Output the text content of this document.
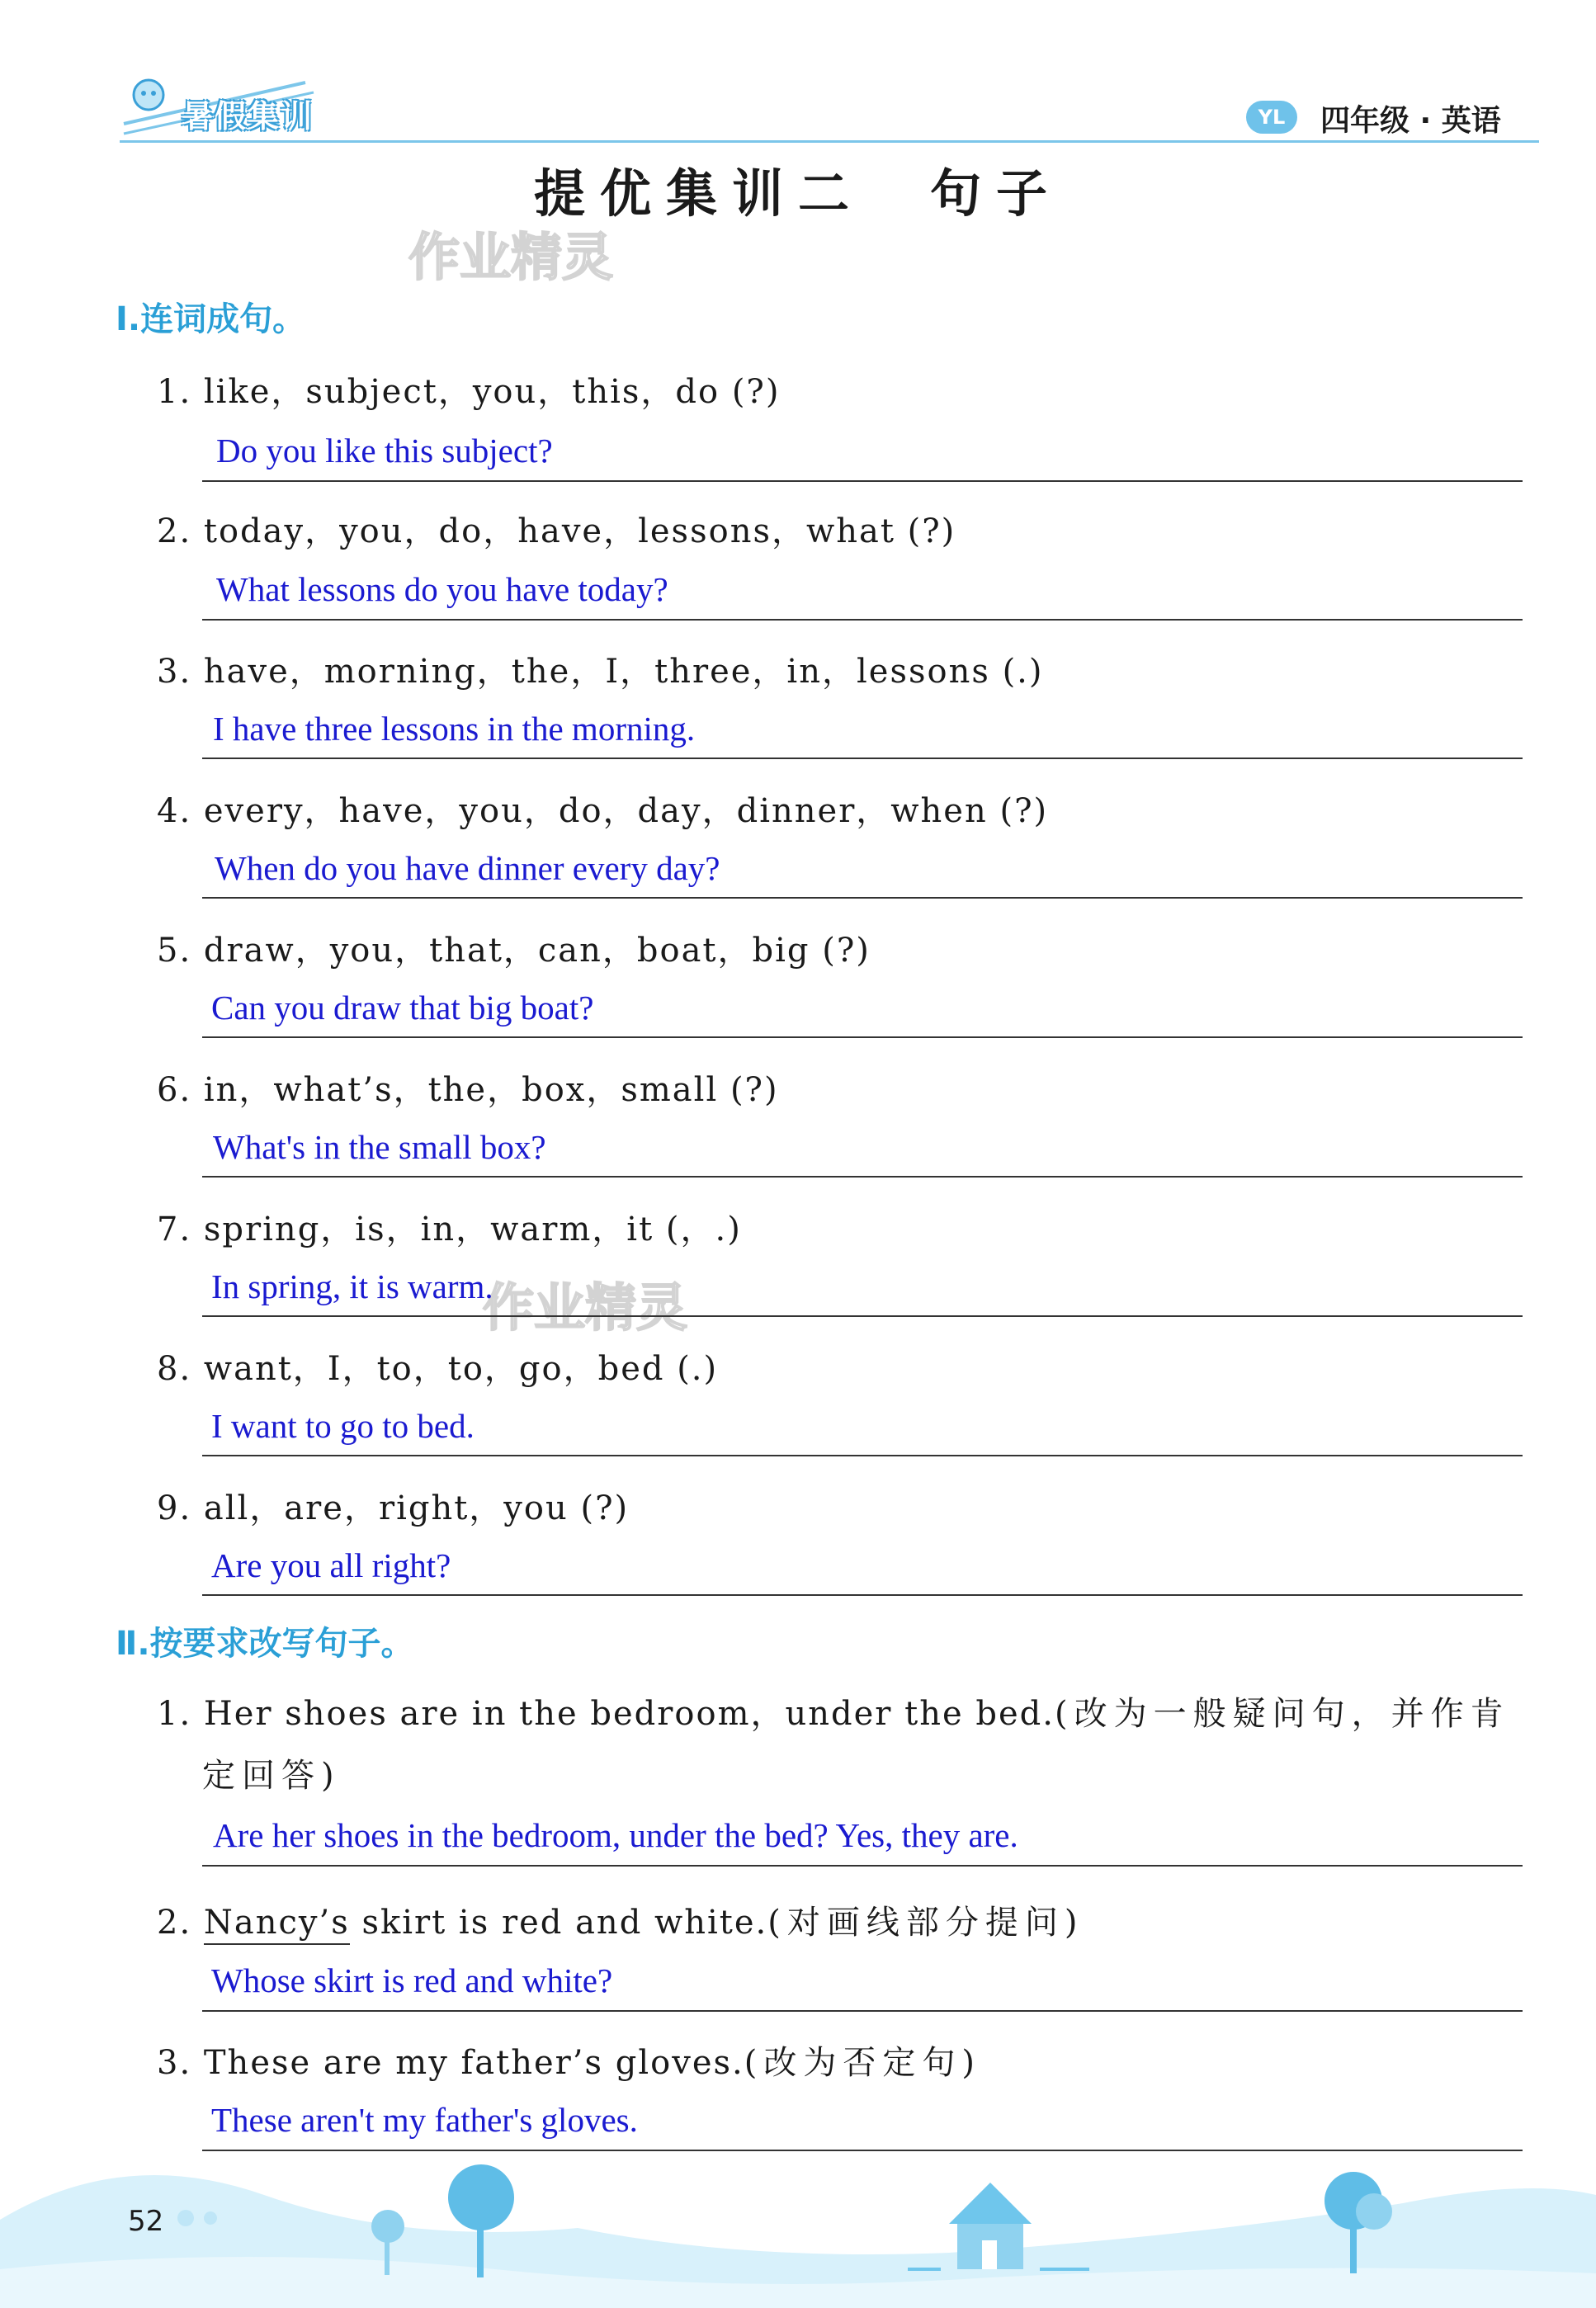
暑假集训	YL	四年级 · 英语
提优集训二　句子
作业精灵
作业精灵
Ⅰ.连词成句。
1. like，subject，you，this，do (?)
Do you like this subject?
2. today，you，do，have，lessons，what (?)
What lessons do you have today?
3. have，morning，the，I，three，in，lessons (.)
I have three lessons in the morning.
4. every，have，you，do，day，dinner，when (?)
When do you have dinner every day?
5. draw，you，that，can，boat，big (?)
Can you draw that big boat?
6. in，what’s，the，box，small (?)
What's in the small box?
7. spring，is，in，warm，it (，.)
In spring, it is warm.
8. want，I，to，to，go，bed (.)
I want to go to bed.
9. all，are，right，you (?)
Are you all right?
Ⅱ.按要求改写句子。
1. Her shoes are in the bedroom，under the bed.(改为一般疑问句，并作肯
定回答)
Are her shoes in the bedroom, under the bed? Yes, they are.
2. Nancy’s skirt is red and white.(对画线部分提问)
Whose skirt is red and white?
3. These are my father’s gloves.(改为否定句)
These aren't my father's gloves.
52
